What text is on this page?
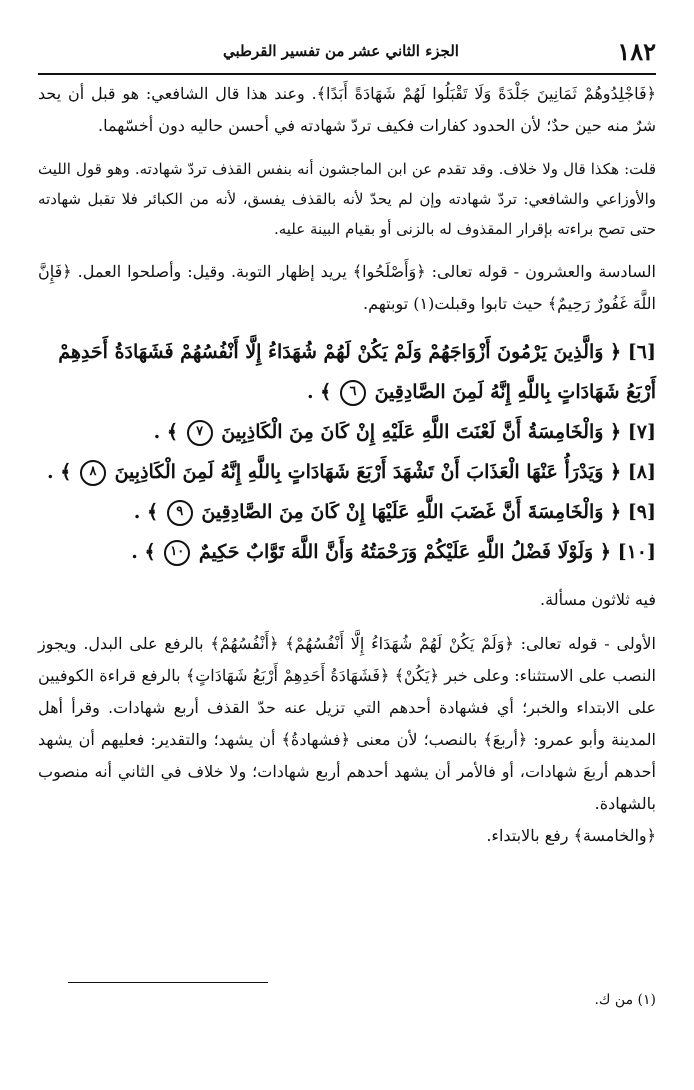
١٨٢
الجزء الثاني عشر من تفسير القرطبي

﴿فَاجْلِدُوهُمْ ثَمَانِينَ جَلْدَةً وَلَا تَقْبَلُوا لَهُمْ شَهَادَةً أَبَدًا﴾. وعند هذا قال الشافعي: هو قبل أن يحد شرٌ منه حين حدٌ؛ لأن الحدود كفارات فكيف تردّ شهادته في أحسن حاليه دون أخسّهما.

قلت: هكذا قال ولا خلاف. وقد تقدم عن ابن الماجشون أنه بنفس القذف تردّ شهادته. وهو قول الليث والأوزاعي والشافعي: تردّ شهادته وإن لم يحدّ لأنه بالقذف يفسق، لأنه من الكبائر فلا تقبل شهادته حتى تصح براءته بإقرار المقذوف له بالزنى أو بقيام البينة عليه.

السادسة والعشرون - قوله تعالى: ﴿وَأَصْلَحُوا﴾ يريد إظهار التوبة. وقيل: وأصلحوا العمل. ﴿فَإِنَّ اللَّهَ غَفُورٌ رَحِيمٌ﴾ حيث تابوا وقبلت(١) توبتهم.

[٦] ﴿ وَالَّذِينَ يَرْمُونَ أَزْوَاجَهُمْ وَلَمْ يَكُنْ لَهُمْ شُهَدَاءُ إِلَّا أَنْفُسُهُمْ فَشَهَادَةُ أَحَدِهِمْ أَرْبَعُ شَهَادَاتٍ بِاللَّهِ إِنَّهُ لَمِنَ الصَّادِقِينَ ٦ ﴾ .

[٧] ﴿ وَالْخَامِسَةُ أَنَّ لَعْنَتَ اللَّهِ عَلَيْهِ إِنْ كَانَ مِنَ الْكَاذِبِينَ ٧ ﴾ .

[٨] ﴿ وَيَدْرَأُ عَنْهَا الْعَذَابَ أَنْ تَشْهَدَ أَرْبَعَ شَهَادَاتٍ بِاللَّهِ إِنَّهُ لَمِنَ الْكَاذِبِينَ ٨ ﴾ .

[٩] ﴿ وَالْخَامِسَةَ أَنَّ غَضَبَ اللَّهِ عَلَيْهَا إِنْ كَانَ مِنَ الصَّادِقِينَ ٩ ﴾ .

[١٠] ﴿ وَلَوْلَا فَضْلُ اللَّهِ عَلَيْكُمْ وَرَحْمَتُهُ وَأَنَّ اللَّهَ تَوَّابٌ حَكِيمٌ ١٠ ﴾ .

فيه ثلاثون مسألة.

الأولى - قوله تعالى: ﴿وَلَمْ يَكُنْ لَهُمْ شُهَدَاءُ إِلَّا أَنْفُسُهُمْ﴾ ﴿أَنْفُسُهُمْ﴾ بالرفع على البدل. ويجوز النصب على الاستثناء: وعلى خبر ﴿يَكُنْ﴾ ﴿فَشَهَادَةُ أَحَدِهِمْ أَرْبَعُ شَهَادَاتٍ﴾ بالرفع قراءة الكوفيين على الابتداء والخبر؛ أي فشهادة أحدهم التي تزيل عنه حدّ القذف أربع شهادات. وقرأ أهل المدينة وأبو عمرو: ﴿أربعَ﴾ بالنصب؛ لأن معنى ﴿فشهادةُ﴾ أن يشهد؛ والتقدير: فعليهم أن يشهد أحدهم أربعَ شهادات، أو فالأمر أن يشهد أحدهم أربع شهادات؛ ولا خلاف في الثاني أنه منصوب بالشهادة.

﴿والخامسة﴾ رفع بالابتداء.

(١) من ك.
